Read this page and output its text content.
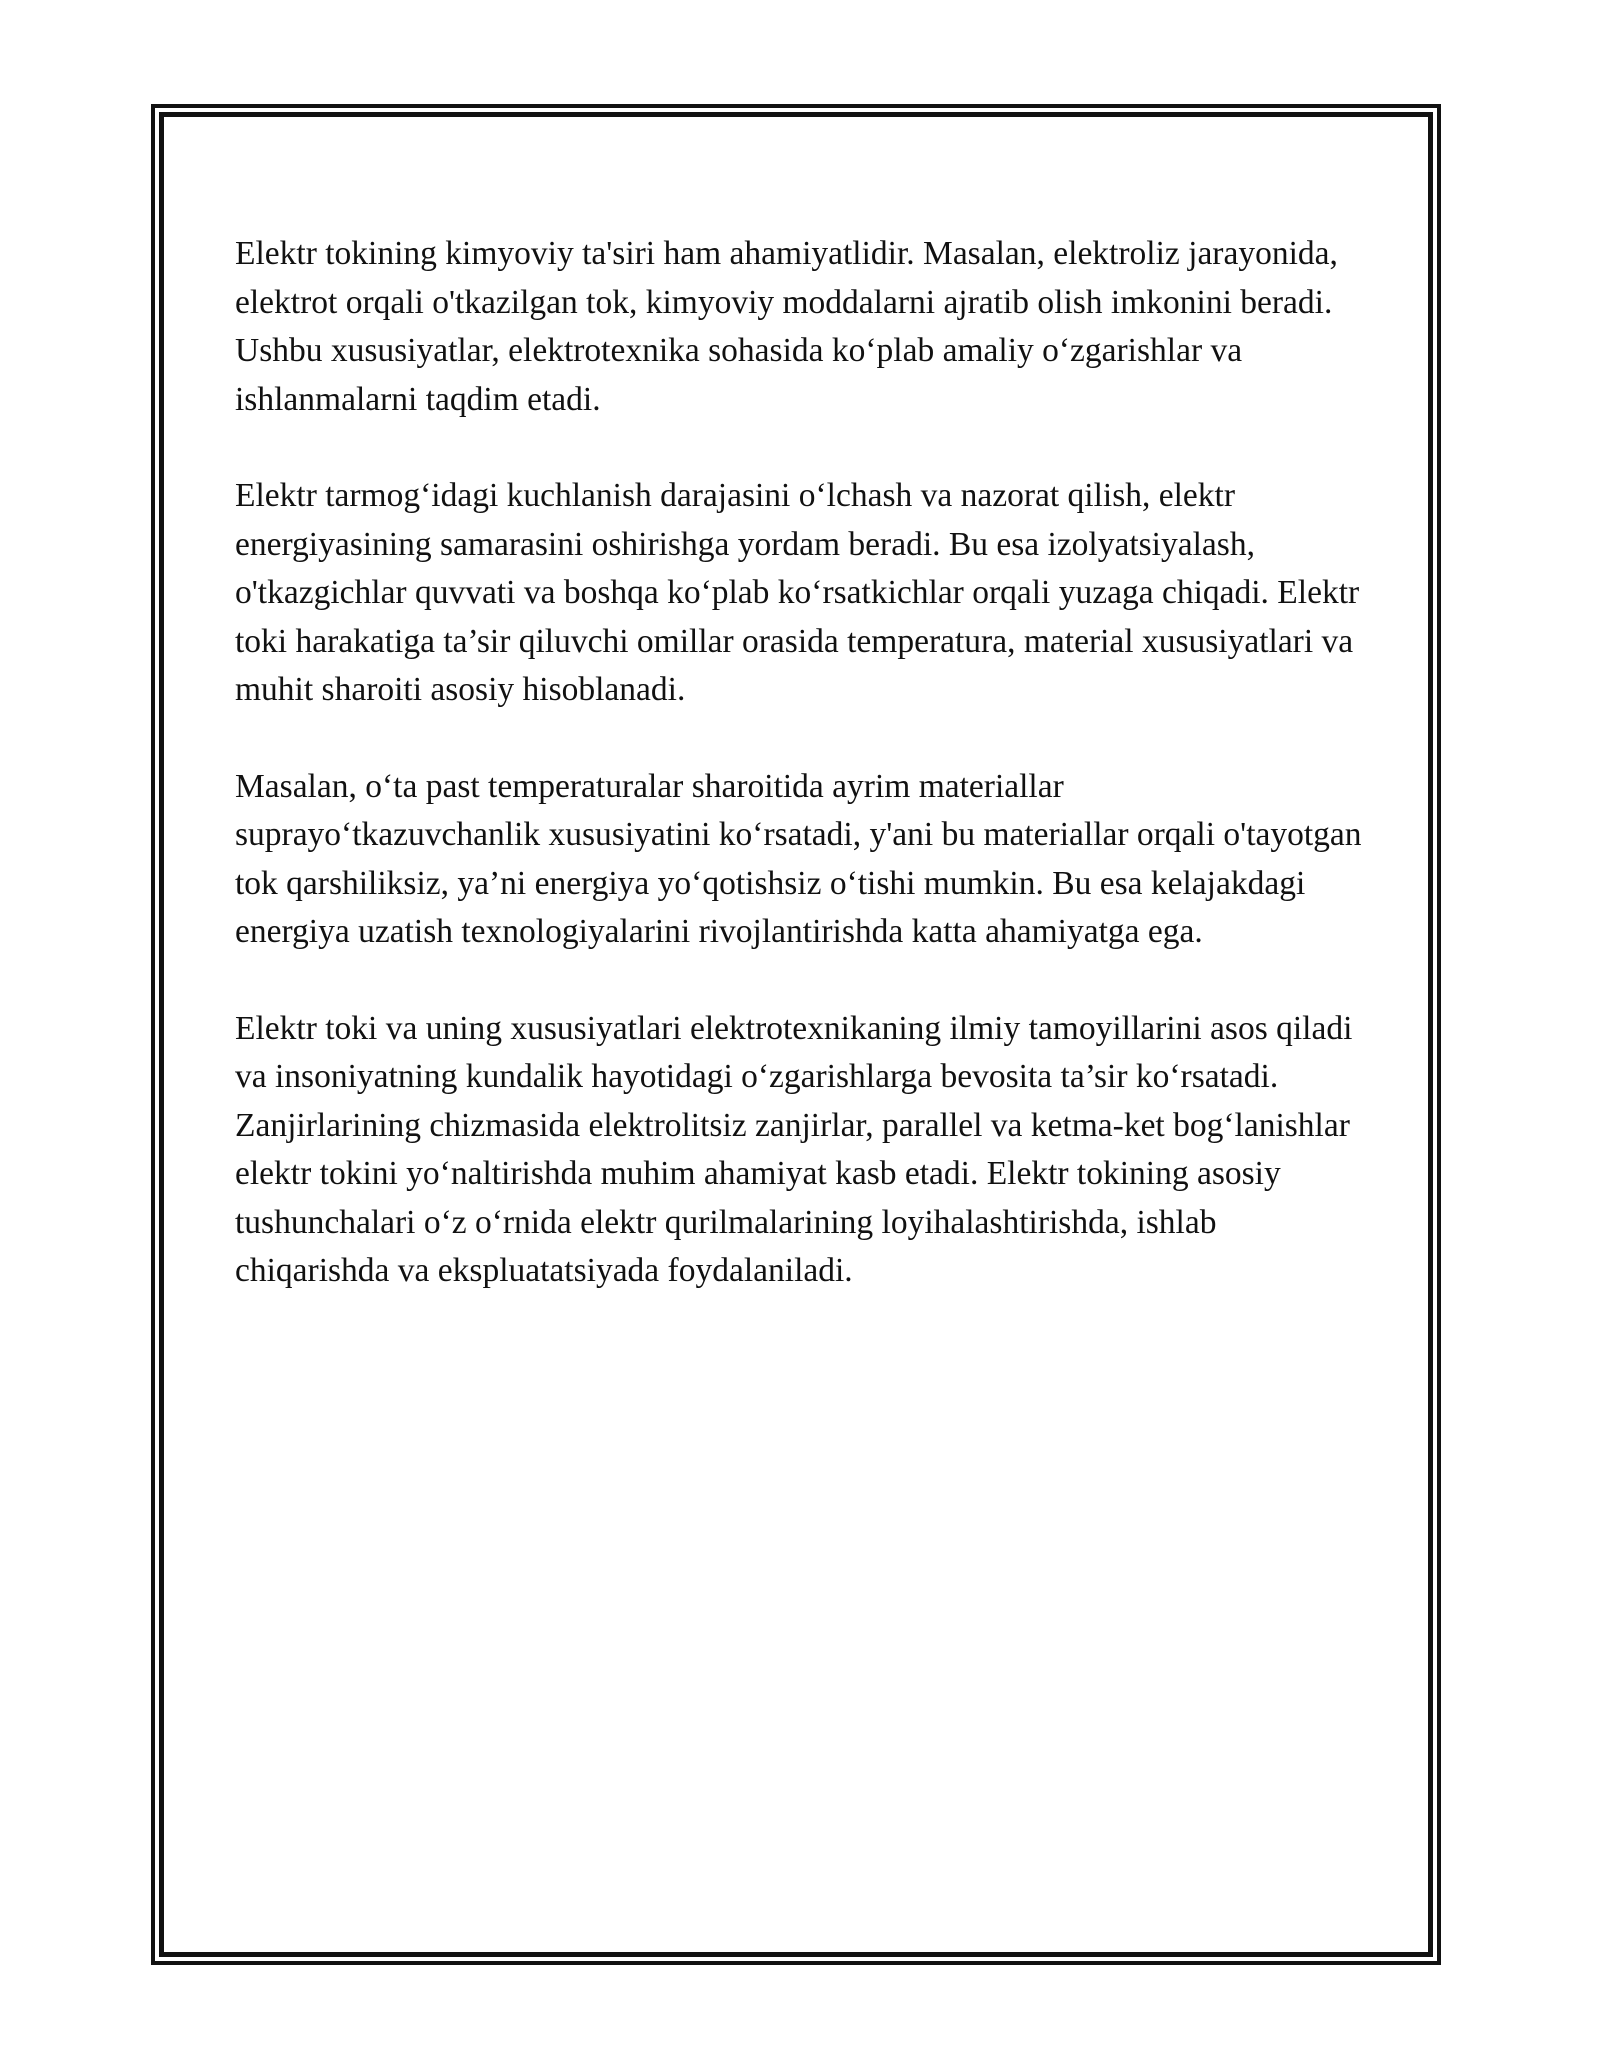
Elektr tokining kimyoviy ta'siri ham ahamiyatlidir. Masalan, elektroliz jarayonida, elektrot orqali o'tkazilgan tok, kimyoviy moddalarni ajratib olish imkonini beradi. Ushbu xususiyatlar, elektrotexnika sohasida koʻplab amaliy oʻzgarishlar va ishlanmalarni taqdim etadi.

Elektr tarmogʻidagi kuchlanish darajasini oʻlchash va nazorat qilish, elektr energiyasining samarasini oshirishga yordam beradi. Bu esa izolyatsiyalash, o'tkazgichlar quvvati va boshqa koʻplab koʻrsatkichlar orqali yuzaga chiqadi. Elektr toki harakatiga ta’sir qiluvchi omillar orasida temperatura, material xususiyatlari va muhit sharoiti asosiy hisoblanadi.

Masalan, oʻta past temperaturalar sharoitida ayrim materiallar suprayoʻtkazuvchanlik xususiyatini koʻrsatadi, y'ani bu materiallar orqali o'tayotgan tok qarshiliksiz, ya’ni energiya yoʻqotishsiz oʻtishi mumkin. Bu esa kelajakdagi energiya uzatish texnologiyalarini rivojlantirishda katta ahamiyatga ega.

Elektr toki va uning xususiyatlari elektrotexnikaning ilmiy tamoyillarini asos qiladi va insoniyatning kundalik hayotidagi oʻzgarishlarga bevosita ta’sir koʻrsatadi. Zanjirlarining chizmasida elektrolitsiz zanjirlar, parallel va ketma-ket bogʻlanishlar elektr tokini yoʻnaltirishda muhim ahamiyat kasb etadi. Elektr tokining asosiy tushunchalari oʻz oʻrnida elektr qurilmalarining loyihalashtirishda, ishlab chiqarishda va ekspluatatsiyada foydalaniladi.
